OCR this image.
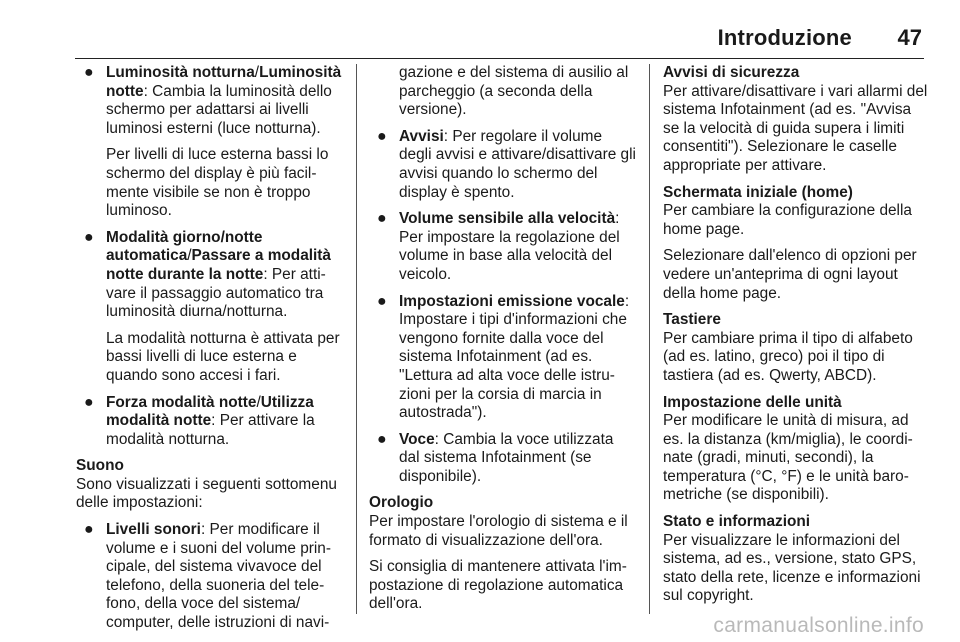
Introduzione 47
● Luminosità notturna/Luminosità notte: Cambia la luminosità dello schermo per adattarsi ai livelli luminosi esterni (luce notturna).
Per livelli di luce esterna bassi lo schermo del display è più facilmente visibile se non è troppo luminoso.
● Modalità giorno/notte automatica/Passare a modalità notte durante la notte: Per attivare il passaggio automatico tra luminosità diurna/notturna.
La modalità notturna è attivata per bassi livelli di luce esterna e quando sono accesi i fari.
● Forza modalità notte/Utilizza modalità notte: Per attivare la modalità notturna.
Suono
Sono visualizzati i seguenti sottomenu delle impostazioni:
● Livelli sonori: Per modificare il volume e i suoni del volume principale, del sistema vivavoce del telefono, della suoneria del telefono, della voce del sistema/ computer, delle istruzioni di navi-
gazione e del sistema di ausilio al parcheggio (a seconda della versione).
● Avvisi: Per regolare il volume degli avvisi e attivare/disattivare gli avvisi quando lo schermo del display è spento.
● Volume sensibile alla velocità: Per impostare la regolazione del volume in base alla velocità del veicolo.
● Impostazioni emissione vocale: Impostare i tipi d'informazioni che vengono fornite dalla voce del sistema Infotainment (ad es. "Lettura ad alta voce delle istruzioni per la corsia di marcia in autostrada").
● Voce: Cambia la voce utilizzata dal sistema Infotainment (se disponibile).
Orologio
Per impostare l'orologio di sistema e il formato di visualizzazione dell'ora.
Si consiglia di mantenere attivata l'impostazione di regolazione automatica dell'ora.
Avvisi di sicurezza
Per attivare/disattivare i vari allarmi del sistema Infotainment (ad es. "Avvisa se la velocità di guida supera i limiti consentiti"). Selezionare le caselle appropriate per attivare.
Schermata iniziale (home)
Per cambiare la configurazione della home page.
Selezionare dall'elenco di opzioni per vedere un'anteprima di ogni layout della home page.
Tastiere
Per cambiare prima il tipo di alfabeto (ad es. latino, greco) poi il tipo di tastiera (ad es. Qwerty, ABCD).
Impostazione delle unità
Per modificare le unità di misura, ad es. la distanza (km/miglia), le coordinate (gradi, minuti, secondi), la temperatura (°C, °F) e le unità barometriche (se disponibili).
Stato e informazioni
Per visualizzare le informazioni del sistema, ad es., versione, stato GPS, stato della rete, licenze e informazioni sul copyright.
carmanualsonline.info
